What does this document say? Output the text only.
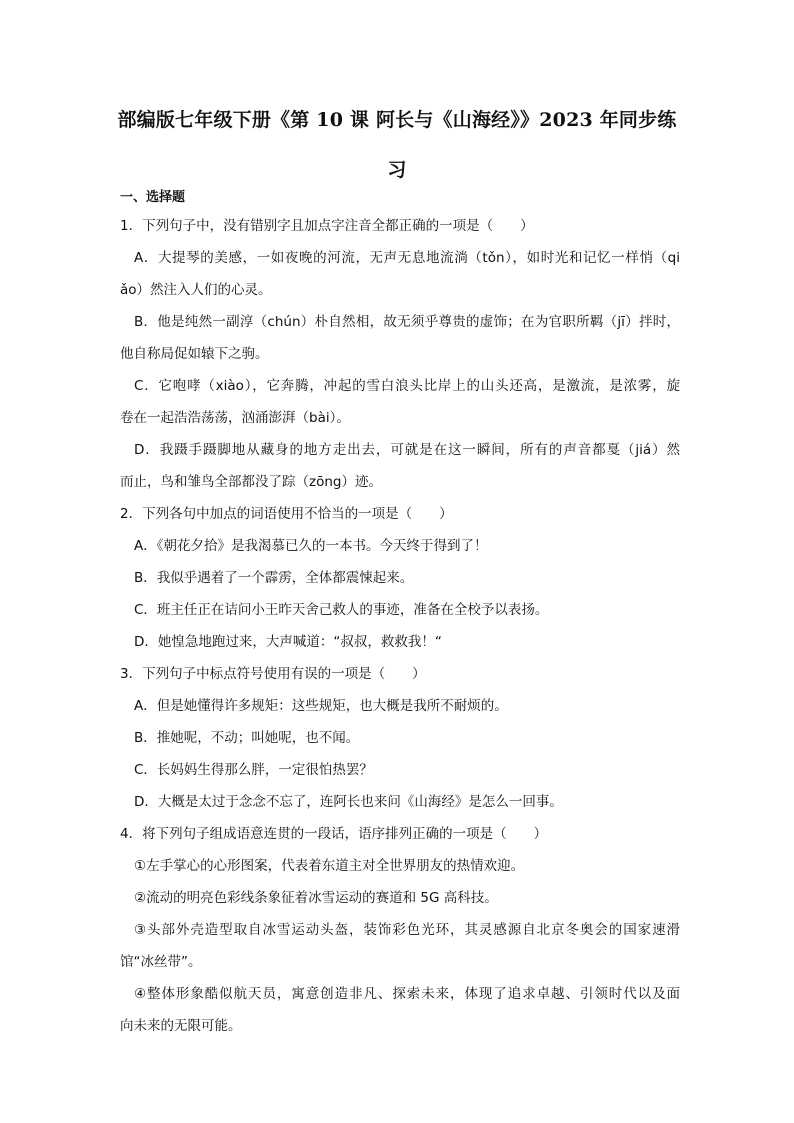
部编版七年级下册《第 10 课 阿长与《山海经》》2023 年同步练
习
一、选择题
1．下列句子中，没有错别字且加点字注音全都正确的一项是（　　）
A．大提琴的美感，一如夜晚的河流，无声无息地流淌（tǒn），如时光和记忆一样悄（qi
ǎo）然注入人们的心灵。
B．他是纯然一副淳（chún）朴自然相，故无须乎尊贵的虚饰；在为官职所羁（jī）拌时，
他自称局促如辕下之驹。
C．它咆哮（xiào），它奔腾，冲起的雪白浪头比岸上的山头还高，是激流，是浓雾，旋
卷在一起浩浩荡荡，汹涌澎湃（bài）。
D．我蹑手蹑脚地从藏身的地方走出去，可就是在这一瞬间，所有的声音都戛（jiá）然
而止，鸟和雏鸟全部都没了踪（zōng）迹。
2．下列各句中加点的词语使用不恰当的一项是（　　）
A．《朝花夕拾》是我渴慕已久的一本书。今天终于得到了！
B．我似乎遇着了一个霹雳，全体都震悚起来。
C．班主任正在诘问小王昨天舍己救人的事迹，准备在全校予以表扬。
D．她惶急地跑过来，大声喊道：“叔叔，救救我！“
3．下列句子中标点符号使用有误的一项是（　　）
A．但是她懂得许多规矩：这些规矩，也大概是我所不耐烦的。
B．推她呢，不动；叫她呢，也不闻。
C．长妈妈生得那么胖，一定很怕热罢？
D．大概是太过于念念不忘了，连阿长也来问《山海经》是怎么一回事。
4．将下列句子组成语意连贯的一段话，语序排列正确的一项是（　　）
①左手掌心的心形图案，代表着东道主对全世界朋友的热情欢迎。
②流动的明亮色彩线条象征着冰雪运动的赛道和 5G 高科技。
③头部外壳造型取自冰雪运动头盔，装饰彩色光环，其灵感源自北京冬奥会的国家速滑
馆“冰丝带”。
④整体形象酷似航天员，寓意创造非凡、探索未来，体现了追求卓越、引领时代以及面
向未来的无限可能。
